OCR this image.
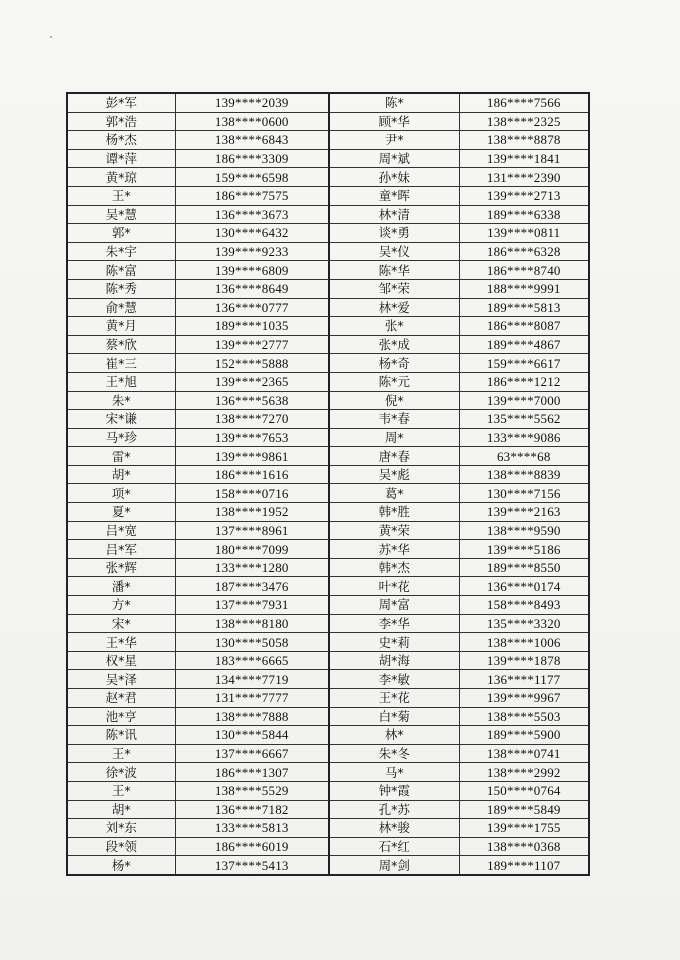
彭*军	139****2039	陈*	186****7566
郭*浩	138****0600	顾*华	138****2325
杨*杰	138****6843	尹*	138****8878
谭*萍	186****3309	周*斌	139****1841
黄*琼	159****6598	孙*妹	131****2390
王*	186****7575	童*晖	139****2713
吴*慧	136****3673	林*清	189****6338
郭*	130****6432	谈*勇	139****0811
朱*宇	139****9233	吴*仪	186****6328
陈*富	139****6809	陈*华	186****8740
陈*秀	136****8649	邹*荣	188****9991
俞*慧	136****0777	林*爱	189****5813
黄*月	189****1035	张*	186****8087
蔡*欣	139****2777	张*成	189****4867
崔*三	152****5888	杨*奇	159****6617
王*旭	139****2365	陈*元	186****1212
朱*	136****5638	倪*	139****7000
宋*谦	138****7270	韦*春	135****5562
马*珍	139****7653	周*	133****9086
雷*	139****9861	唐*春	63****68
胡*	186****1616	吴*彪	138****8839
项*	158****0716	葛*	130****7156
夏*	138****1952	韩*胜	139****2163
吕*宽	137****8961	黄*荣	138****9590
吕*军	180****7099	苏*华	139****5186
张*辉	133****1280	韩*杰	189****8550
潘*	187****3476	叶*花	136****0174
方*	137****7931	周*富	158****8493
宋*	138****8180	李*华	135****3320
王*华	130****5058	史*莉	138****1006
权*星	183****6665	胡*海	139****1878
吴*泽	134****7719	李*敏	136****1177
赵*君	131****7777	王*花	139****9967
池*亨	138****7888	白*菊	138****5503
陈*讯	130****5844	林*	189****5900
王*	137****6667	朱*冬	138****0741
徐*波	186****1307	马*	138****2992
王*	138****5529	钟*霞	150****0764
胡*	136****7182	孔*苏	189****5849
刘*东	133****5813	林*骏	139****1755
段*领	186****6019	石*红	138****0368
杨*	137****5413	周*剑	189****1107
